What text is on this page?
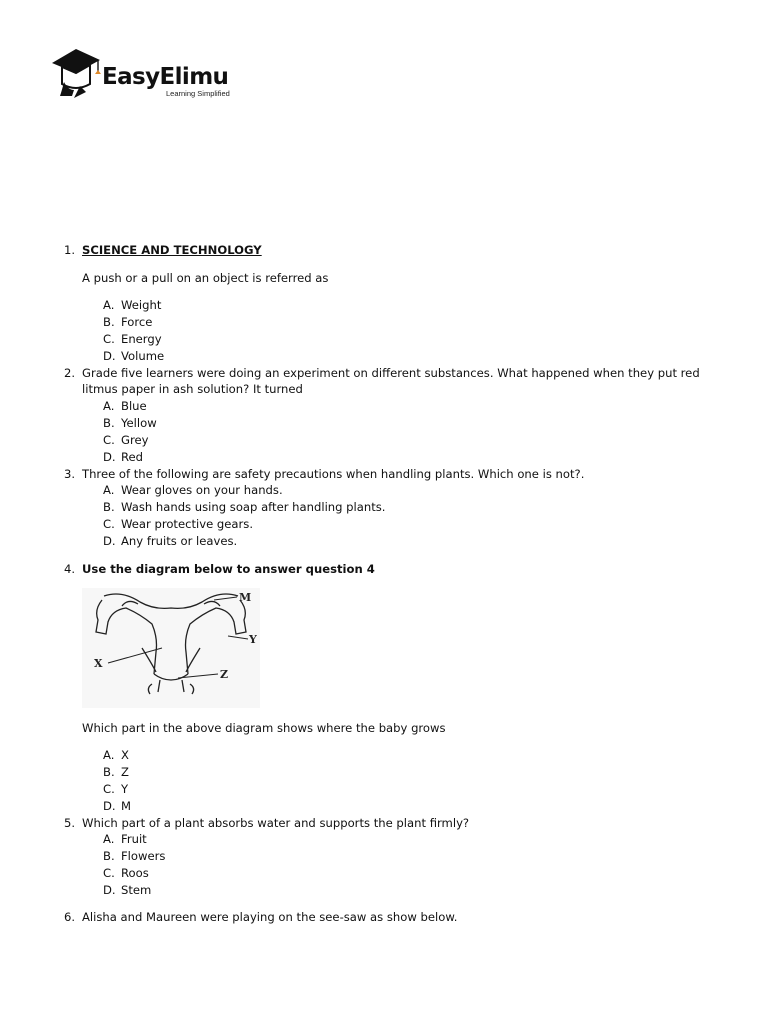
EasyElimu
Learning Simplified
1. SCIENCE AND TECHNOLOGY
A push or a pull on an object is referred as
A. Weight
B. Force
C. Energy
D. Volume
2. Grade five learners were doing an experiment on different substances. What happened when they put red
litmus paper in ash solution? It turned
A. Blue
B. Yellow
C. Grey
D. Red
3. Three of the following are safety precautions when handling plants. Which one is not?.
A. Wear gloves on your hands.
B. Wash hands using soap after handling plants.
C. Wear protective gears.
D. Any fruits or leaves.
4. Use the diagram below to answer question 4
M
Y
X
Z
Which part in the above diagram shows where the baby grows
A. X
B. Z
C. Y
D. M
5. Which part of a plant absorbs water and supports the plant firmly?
A. Fruit
B. Flowers
C. Roos
D. Stem
6. Alisha and Maureen were playing on the see-saw as show below.
